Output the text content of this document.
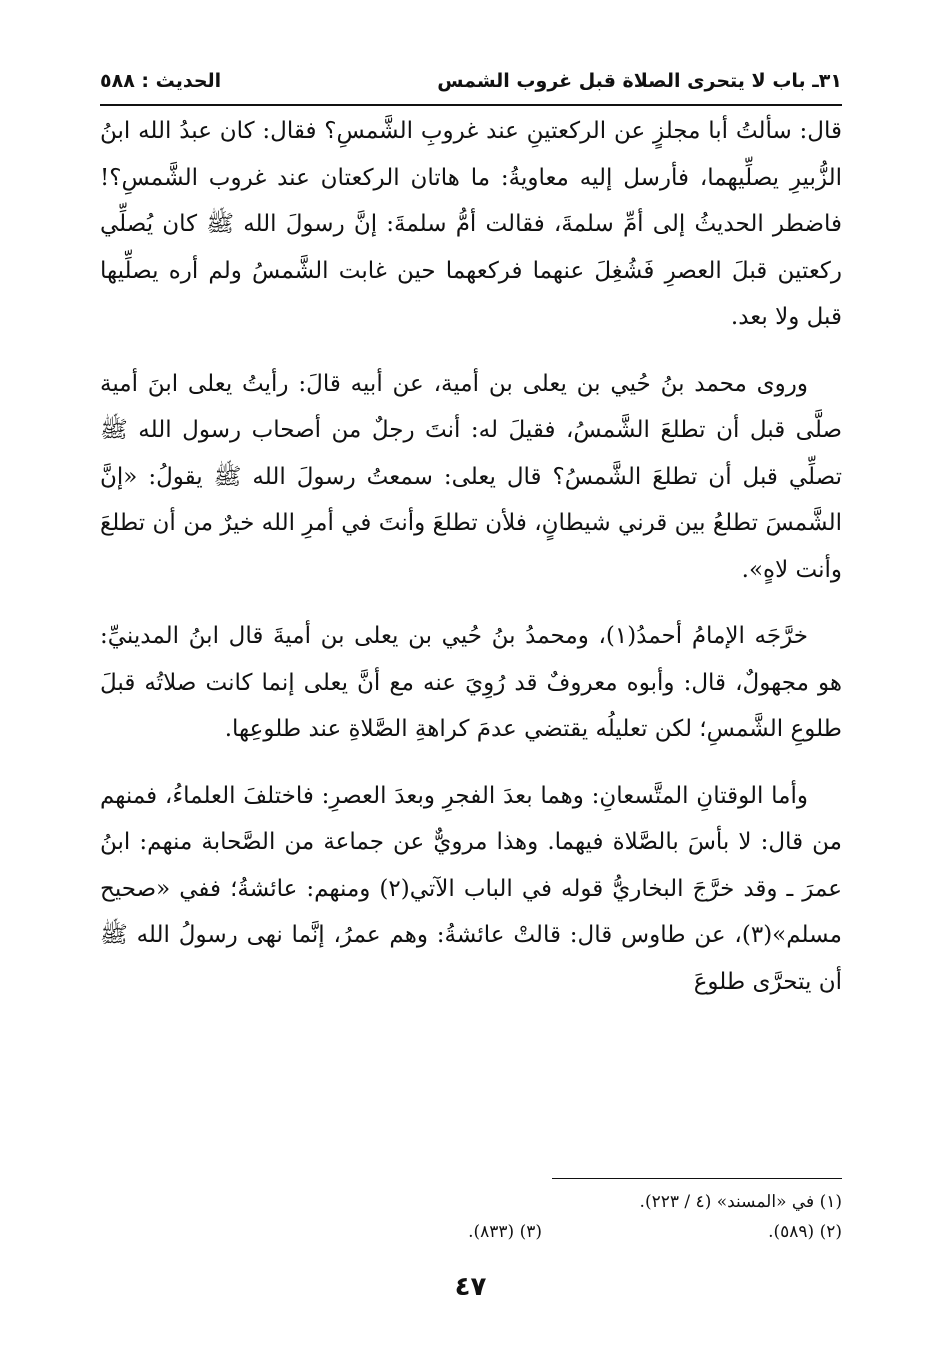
٣١ـ باب لا يتحرى الصلاة قبل غروب الشمس
الحديث : ٥٨٨

قال: سألتُ أبا مجلزٍ عن الركعتينِ عند غروبِ الشَّمسِ؟ فقال: كان عبدُ الله ابنُ الزُّبيرِ يصلِّيهما، فأرسل إليه معاويةُ: ما هاتان الركعتان عند غروب الشَّمسِ؟! فاضطر الحديثُ إلى أمِّ سلمةَ، فقالت أمُّ سلمةَ: إنَّ رسولَ الله ﷺ كان يُصلِّي ركعتين قبلَ العصرِ فَشُغِلَ عنهما فركعهما حين غابت الشَّمسُ ولم أره يصلِّيها قبل ولا بعد.

وروى محمد بنُ حُيي بن يعلى بن أمية، عن أبيه قالَ: رأيتُ يعلى ابنَ أمية صلَّى قبل أن تطلعَ الشَّمسُ، فقيلَ له: أنتَ رجلٌ من أصحاب رسول الله ﷺ تصلِّي قبل أن تطلعَ الشَّمسُ؟ قال يعلى: سمعتُ رسولَ الله ﷺ يقولُ: «إنَّ الشَّمسَ تطلعُ بين قرني شيطانٍ، فلأن تطلعَ وأنتَ في أمرِ الله خيرٌ من أن تطلعَ وأنت لاهٍ».

خرَّجَه الإمامُ أحمدُ(١)، ومحمدُ بنُ حُيي بن يعلى بن أميةَ قال ابنُ المدينيِّ: هو مجهولٌ، قال: وأبوه معروفٌ قد رُوِيَ عنه مع أنَّ يعلى إنما كانت صلاتُه قبلَ طلوعِ الشَّمسِ؛ لكن تعليلُه يقتضي عدمَ كراهةِ الصَّلاةِ عند طلوعِها.

وأما الوقتانِ المتَّسعانِ: وهما بعدَ الفجرِ وبعدَ العصرِ: فاختلفَ العلماءُ، فمنهم من قال: لا بأسَ بالصَّلاة فيهما. وهذا مرويٌّ عن جماعة من الصَّحابة منهم: ابنُ عمرَ ـ وقد خرَّجَ البخاريُّ قوله في الباب الآتي(٢) ومنهم: عائشةُ؛ ففي «صحيح مسلم»(٣)، عن طاوس قال: قالتْ عائشةُ: وهم عمرُ، إنَّما نهى رسولُ الله ﷺ أن يتحرَّى طلوعَ

(١) في «المسند» (٤ / ٢٢٣).
(٢) (٥٨٩).
(٣) (٨٣٣).
٤٧
